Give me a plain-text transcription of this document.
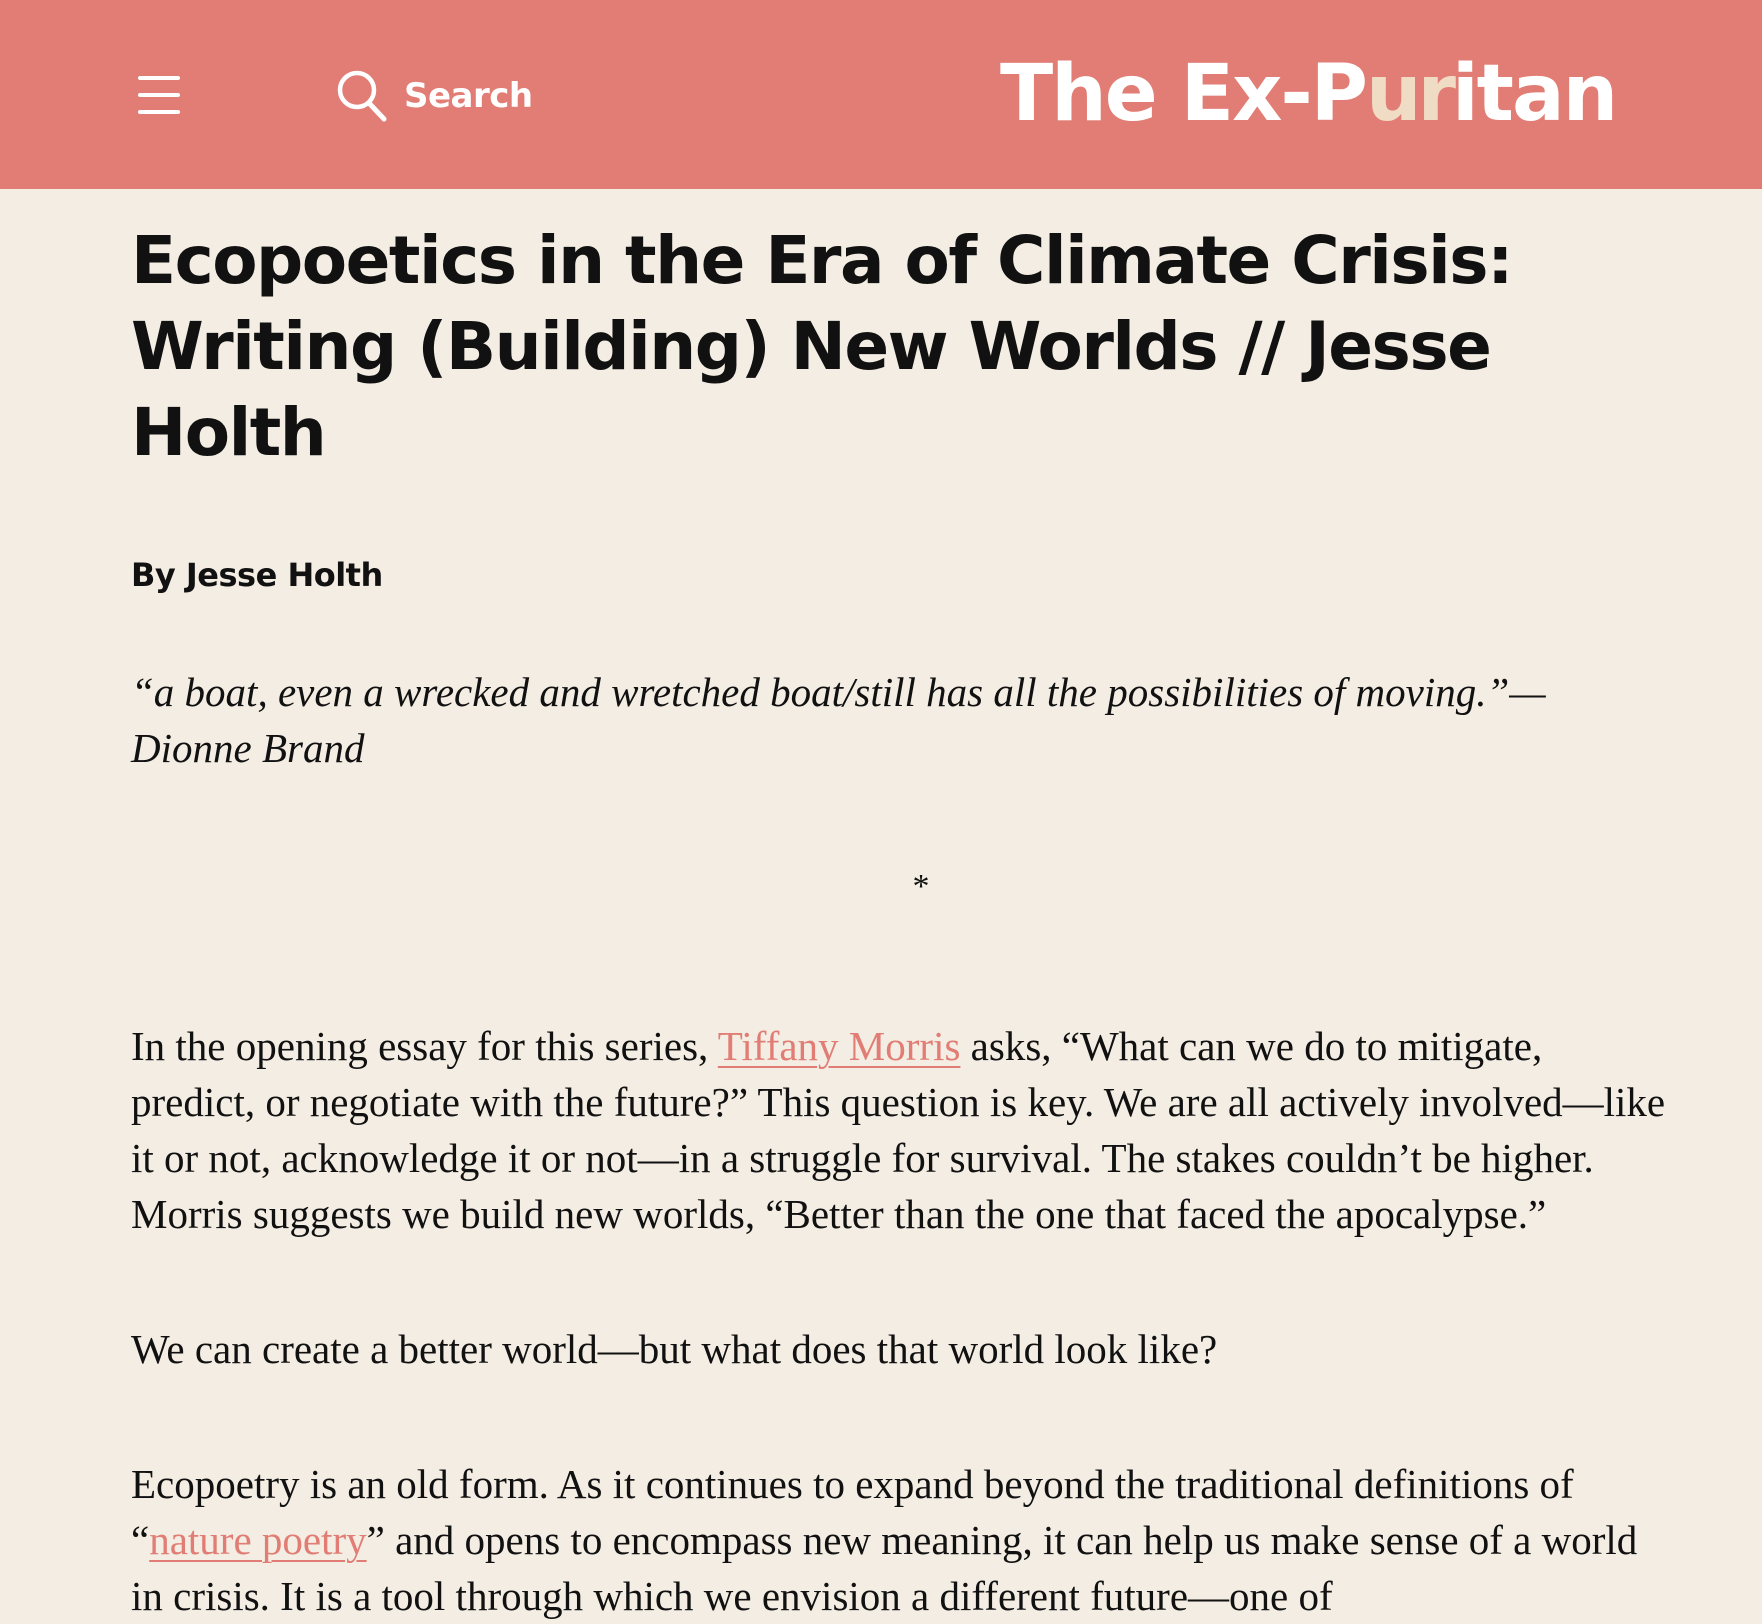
Search	The Ex-P ur itan
Ecopoetics in the Era of Climate Crisis: Writing (Building) New Worlds // Jesse Holth
By Jesse Holth
“a boat, even a wrecked and wretched boat/still has all the possibilities of moving.”—Dionne Brand
*

In the opening essay for this series, Tiffany Morris asks, “What can we do to mitigate, predict, or negotiate with the future?” This question is key. We are all actively involved—like it or not, acknowledge it or not—in a struggle for survival. The stakes couldn’t be higher. Morris suggests we build new worlds, “Better than the one that faced the apocalypse.”

We can create a better world—but what does that world look like?

Ecopoetry is an old form. As it continues to expand beyond the traditional definitions of “nature poetry” and opens to encompass new meaning, it can help us make sense of a world in crisis. It is a tool through which we envision a different future—one of
